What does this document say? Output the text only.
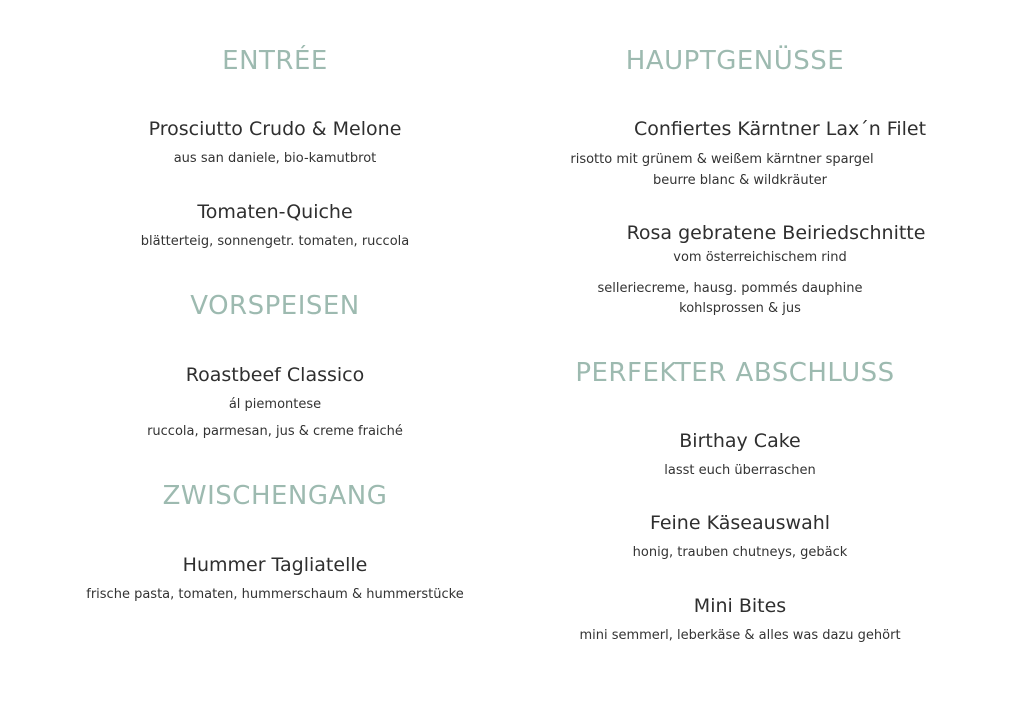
ENTRÉE
Prosciutto Crudo & Melone
aus san daniele, bio-kamutbrot
Tomaten-Quiche
blätterteig, sonnengetr. tomaten, ruccola
VORSPEISEN
Roastbeef Classico
ál piemontese
ruccola, parmesan, jus & creme fraiché
ZWISCHENGANG
Hummer Tagliatelle
frische pasta, tomaten, hummerschaum & hummerstücke
HAUPTGENÜSSE
Confiertes Kärntner Lax´n Filet
risotto mit grünem & weißem kärntner spargel
beurre blanc & wildkräuter
Rosa gebratene Beiriedschnitte
vom österreichischem rind
selleriecreme, hausg. pommés dauphine
kohlsprossen & jus
PERFEKTER ABSCHLUSS
Birthay Cake
lasst euch überraschen
Feine Käseauswahl
honig, trauben chutneys, gebäck
Mini Bites
mini semmerl, leberkäse & alles was dazu gehört
